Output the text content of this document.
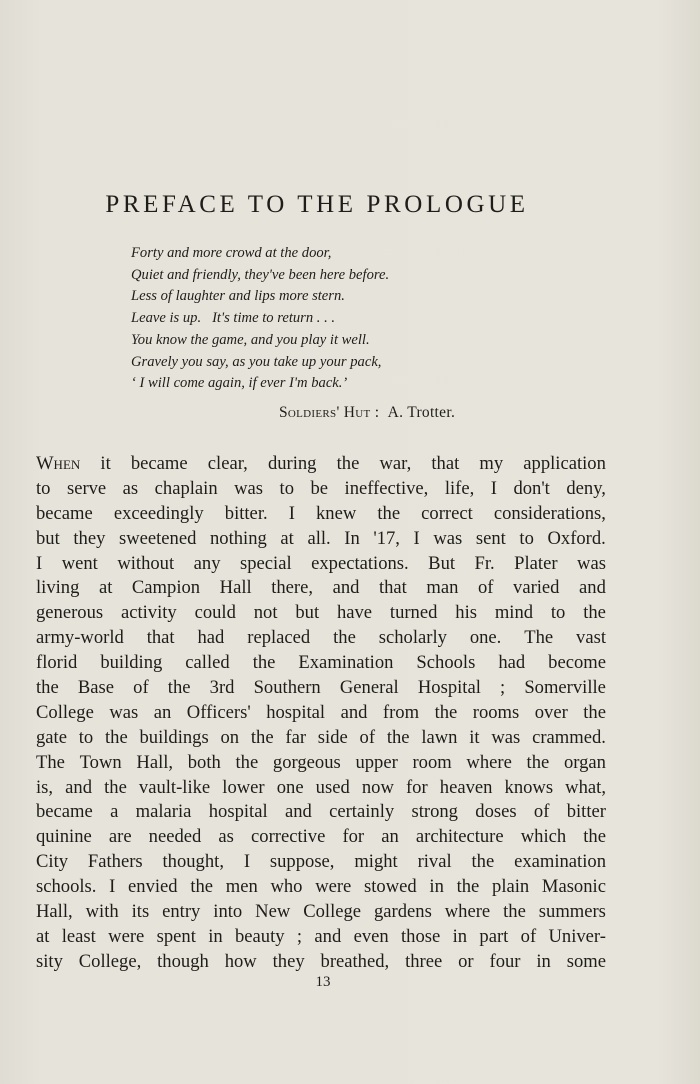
PREFACE TO THE PROLOGUE
Forty and more crowd at the door,
Quiet and friendly, they've been here before.
Less of laughter and lips more stern.
Leave is up.   It's time to return . . .
You know the game, and you play it well.
Gravely you say, as you take up your pack,
‘ I will come again, if ever I'm back.’
Soldiers' Hut : A. Trotter.
When it became clear, during the war, that my application
to serve as chaplain was to be ineffective, life, I don't deny,
became exceedingly bitter. I knew the correct considerations,
but they sweetened nothing at all. In '17, I was sent to Oxford.
I went without any special expectations. But Fr. Plater was
living at Campion Hall there, and that man of varied and
generous activity could not but have turned his mind to the
army-world that had replaced the scholarly one. The vast
florid building called the Examination Schools had become
the Base of the 3rd Southern General Hospital ; Somerville
College was an Officers' hospital and from the rooms over the
gate to the buildings on the far side of the lawn it was crammed.
The Town Hall, both the gorgeous upper room where the organ
is, and the vault-like lower one used now for heaven knows what,
became a malaria hospital and certainly strong doses of bitter
quinine are needed as corrective for an architecture which the
City Fathers thought, I suppose, might rival the examination
schools. I envied the men who were stowed in the plain Masonic
Hall, with its entry into New College gardens where the summers
at least were spent in beauty ; and even those in part of Univer-
sity College, though how they breathed, three or four in some
13
